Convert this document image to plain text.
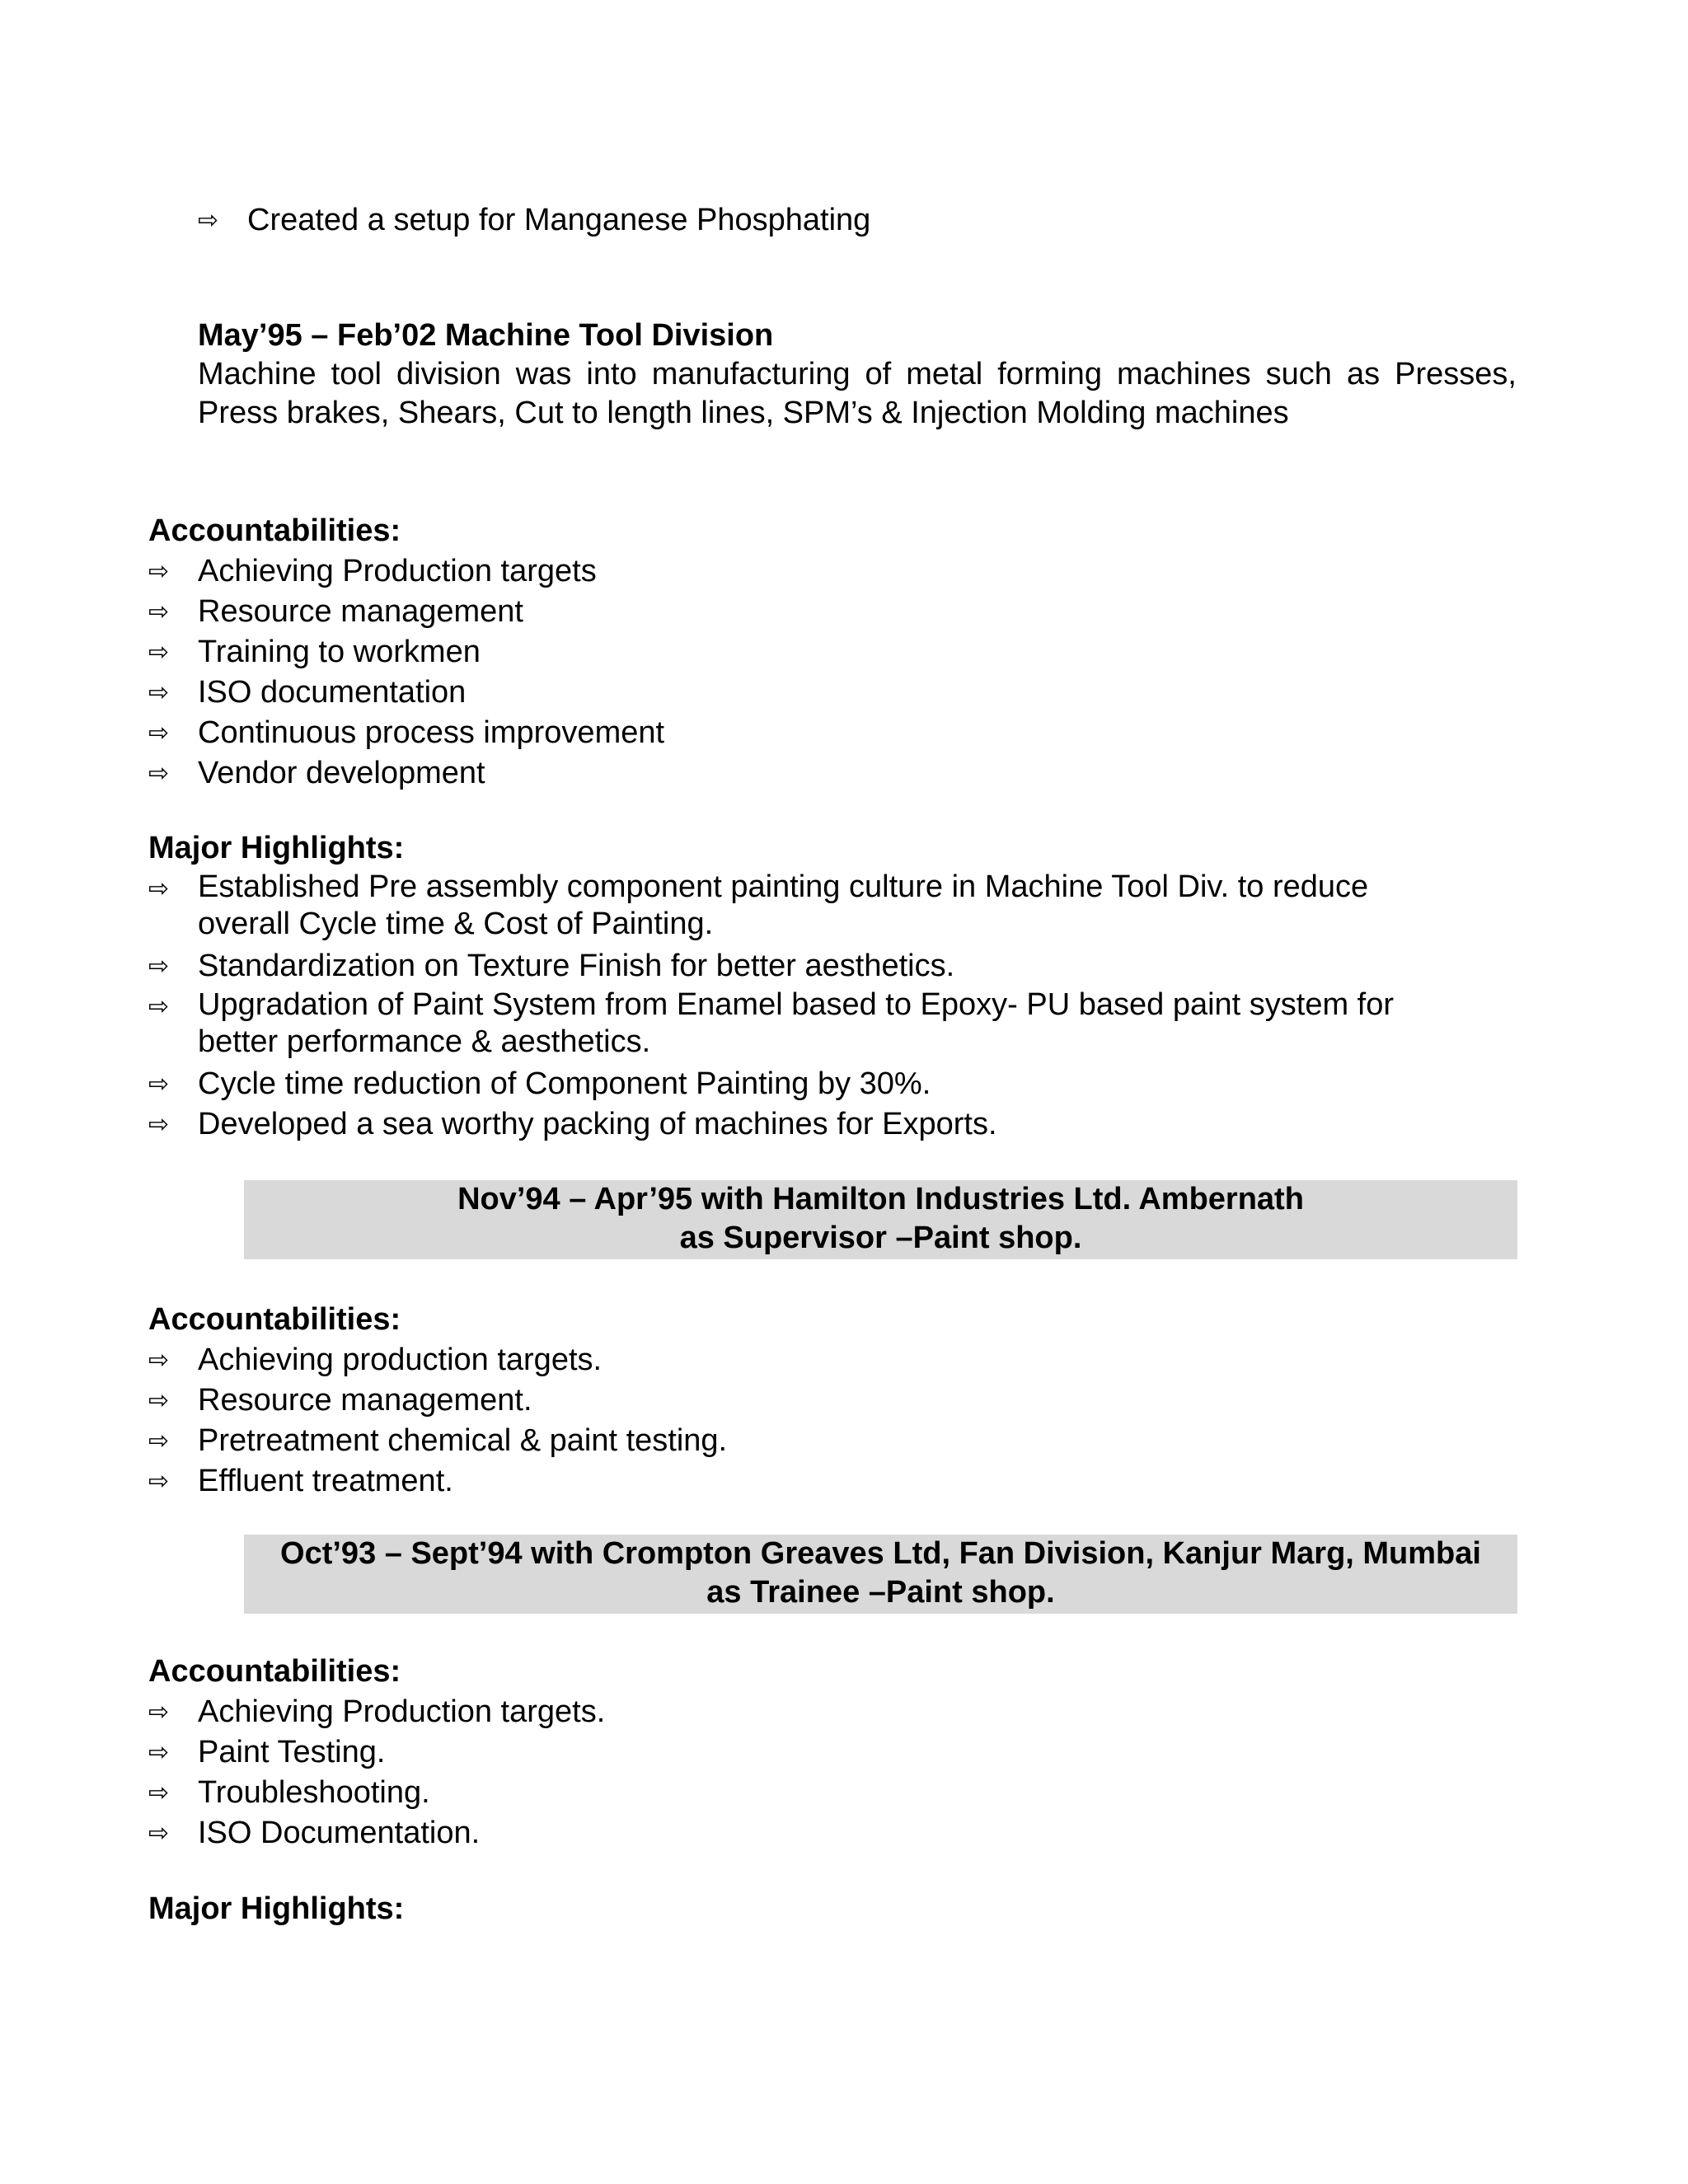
⇨ Created a setup for Manganese Phosphating

May’95 – Feb’02 Machine Tool Division

Machine tool division was into manufacturing of metal forming machines such as Presses, Press brakes, Shears, Cut to length lines, SPM’s & Injection Molding machines

Accountabilities:

⇨ Achieving Production targets
⇨ Resource management
⇨ Training to workmen
⇨ ISO documentation
⇨ Continuous process improvement
⇨ Vendor development

Major Highlights:

⇨ Established Pre assembly component painting culture in Machine Tool Div. to reduce overall Cycle time & Cost of Painting.
⇨ Standardization on Texture Finish for better aesthetics.
⇨ Upgradation of Paint System from Enamel based to Epoxy- PU based paint system for better performance & aesthetics.
⇨ Cycle time reduction of Component Painting by 30%.
⇨ Developed a sea worthy packing of machines for Exports.
Nov’94 – Apr’95 with Hamilton Industries Ltd. Ambernath
as Supervisor –Paint shop.

Accountabilities:

⇨ Achieving production targets.
⇨ Resource management.
⇨ Pretreatment chemical & paint testing.
⇨ Effluent treatment.
Oct’93 – Sept’94 with Crompton Greaves Ltd, Fan Division, Kanjur Marg, Mumbai
as Trainee –Paint shop.

Accountabilities:

⇨ Achieving Production targets.
⇨ Paint Testing.
⇨ Troubleshooting.
⇨ ISO Documentation.

Major Highlights:
